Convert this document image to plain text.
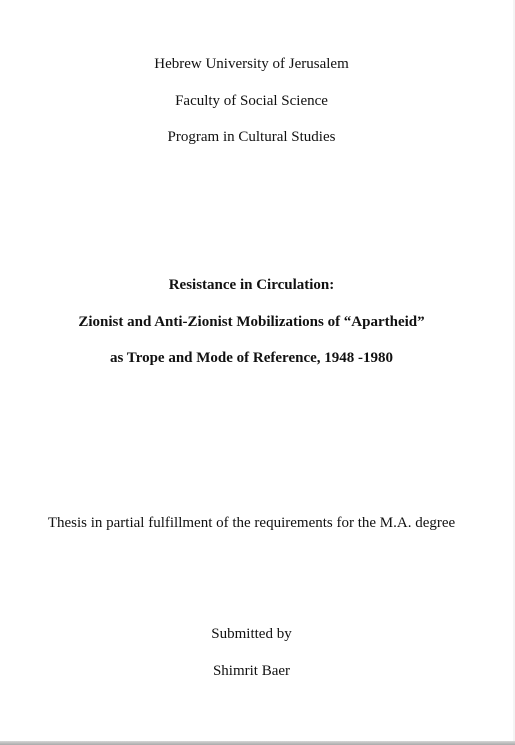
Hebrew University of Jerusalem
Faculty of Social Science
Program in Cultural Studies
Resistance in Circulation:
Zionist and Anti-Zionist Mobilizations of “Apartheid”
as Trope and Mode of Reference, 1948 -1980
Thesis in partial fulfillment of the requirements for the M.A. degree
Submitted by
Shimrit Baer
